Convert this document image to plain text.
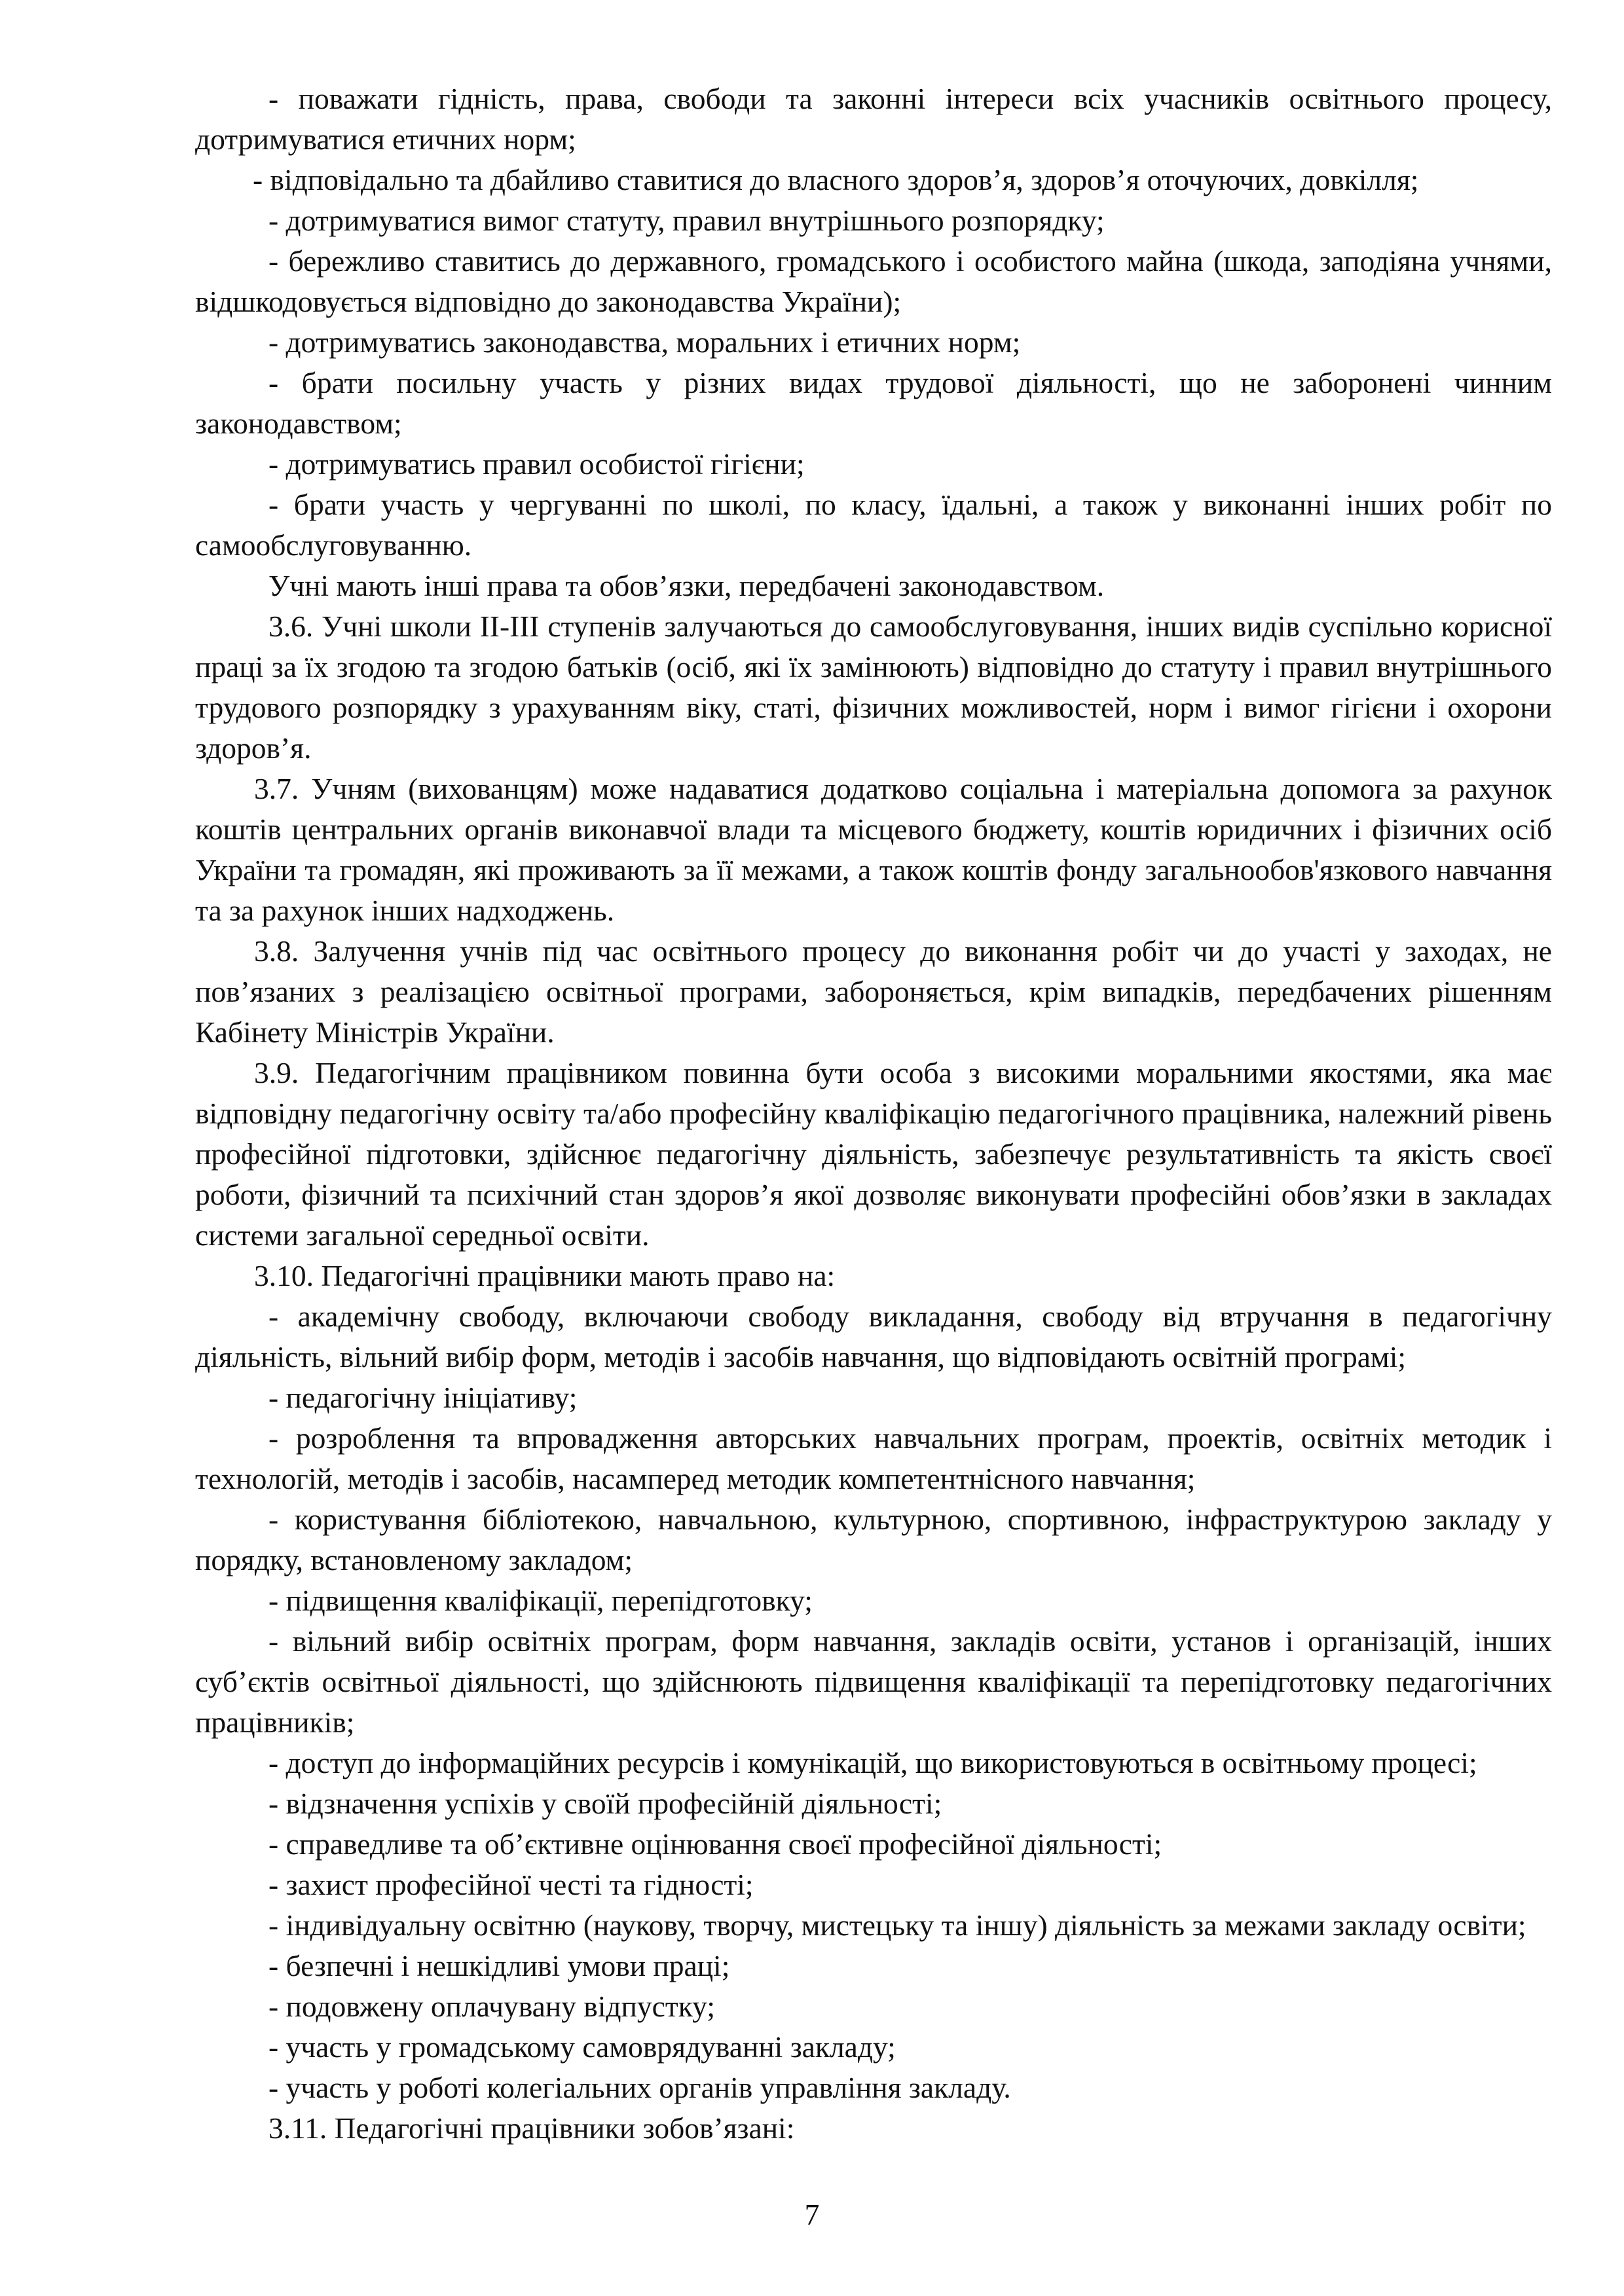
- поважати гідність, права, свободи та законні інтереси всіх учасників освітнього процесу, дотримуватися етичних норм;

- відповідально та дбайливо ставитися до власного здоров’я, здоров’я оточуючих, довкілля;

- дотримуватися вимог статуту, правил внутрішнього розпорядку;

- бережливо ставитись до державного, громадського і особистого майна (шкода, заподіяна учнями, відшкодовується відповідно до законодавства України);

- дотримуватись законодавства, моральних і етичних норм;

- брати посильну участь у різних видах трудової діяльності, що не заборонені чинним законодавством;

- дотримуватись правил особистої гігієни;

- брати участь у чергуванні по школі, по класу, їдальні, а також у виконанні інших робіт по самообслуговуванню.

Учні мають інші права та обов’язки, передбачені законодавством.

3.6. Учні школи ІІ-ІІІ ступенів залучаються до самообслуговування, інших видів суспільно корисної праці за їх згодою та згодою батьків (осіб, які їх замінюють) відповідно до статуту і правил внутрішнього трудового розпорядку з урахуванням віку, статі, фізичних можливостей, норм і вимог гігієни і охорони здоров’я.

3.7. Учням (вихованцям) може надаватися додатково соціальна і матеріальна допомога за рахунок коштів центральних органів виконавчої влади та місцевого бюджету, коштів юридичних і фізичних осіб України та громадян, які проживають за її межами, а також коштів фонду загальнообов'язкового навчання та за рахунок інших надходжень.

3.8. Залучення учнів під час освітнього процесу до виконання робіт чи до участі у заходах, не пов’язаних з реалізацією освітньої програми, забороняється, крім випадків, передбачених рішенням Кабінету Міністрів України.

3.9. Педагогічним працівником повинна бути особа з високими моральними якостями, яка має відповідну педагогічну освіту та/або професійну кваліфікацію педагогічного працівника, належний рівень професійної підготовки, здійснює педагогічну діяльність, забезпечує результативність та якість своєї роботи, фізичний та психічний стан здоров’я якої дозволяє виконувати професійні обов’язки в закладах системи загальної середньої освіти.

3.10. Педагогічні працівники мають право на:

- академічну свободу, включаючи свободу викладання, свободу від втручання в педагогічну діяльність, вільний вибір форм, методів і засобів навчання, що відповідають освітній програмі;

- педагогічну ініціативу;

- розроблення та впровадження авторських навчальних програм, проектів, освітніх методик і технологій, методів і засобів, насамперед методик компетентнісного навчання;

- користування бібліотекою, навчальною, культурною, спортивною, інфраструктурою закладу у порядку, встановленому закладом;

- підвищення кваліфікації, перепідготовку;

- вільний вибір освітніх програм, форм навчання, закладів освіти, установ і організацій, інших суб’єктів освітньої діяльності, що здійснюють підвищення кваліфікації та перепідготовку педагогічних працівників;

- доступ до інформаційних ресурсів і комунікацій, що використовуються в освітньому процесі;

- відзначення успіхів у своїй професійній діяльності;

- справедливе та об’єктивне оцінювання своєї професійної діяльності;

- захист професійної честі та гідності;

- індивідуальну освітню (наукову, творчу, мистецьку та іншу) діяльність за межами закладу освіти;

- безпечні і нешкідливі умови праці;

- подовжену оплачувану відпустку;

- участь у громадському самоврядуванні закладу;

- участь у роботі колегіальних органів управління закладу.

3.11. Педагогічні працівники зобов’язані:

7
